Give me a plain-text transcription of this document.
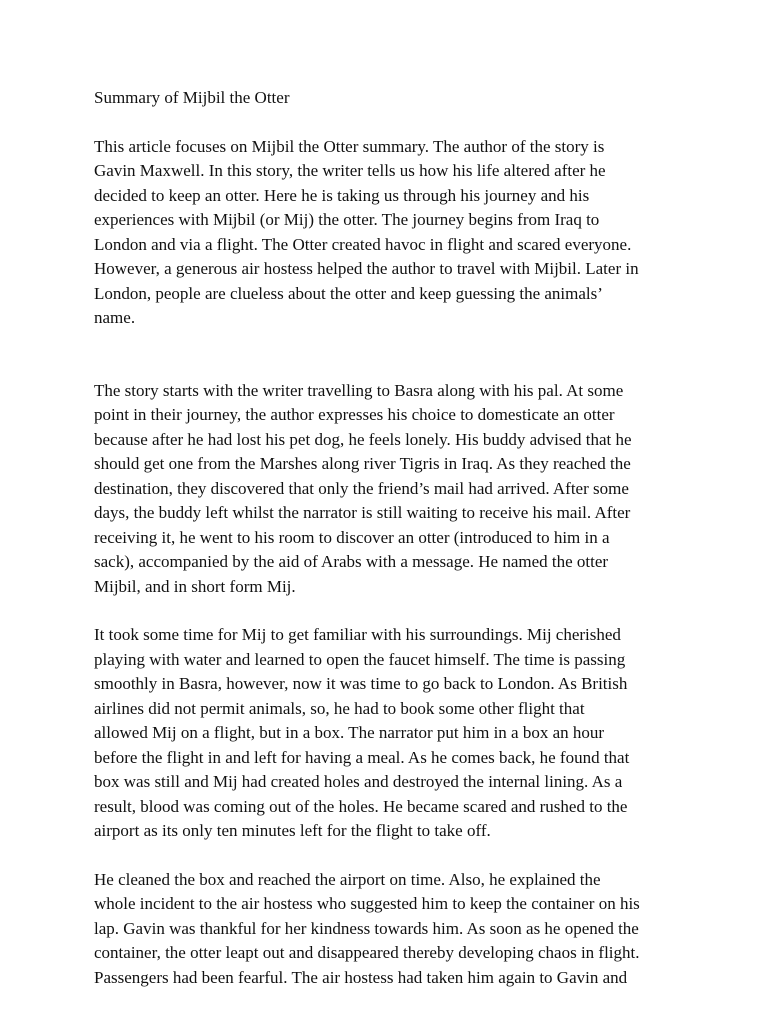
Summary of Mijbil the Otter
This article focuses on Mijbil the Otter summary. The author of the story is
Gavin Maxwell. In this story, the writer tells us how his life altered after he
decided to keep an otter. Here he is taking us through his journey and his
experiences with Mijbil (or Mij) the otter. The journey begins from Iraq to
London and via a flight. The Otter created havoc in flight and scared everyone.
However, a generous air hostess helped the author to travel with Mijbil. Later in
London, people are clueless about the otter and keep guessing the animals’
name.
The story starts with the writer travelling to Basra along with his pal. At some
point in their journey, the author expresses his choice to domesticate an otter
because after he had lost his pet dog, he feels lonely. His buddy advised that he
should get one from the Marshes along river Tigris in Iraq. As they reached the
destination, they discovered that only the friend’s mail had arrived. After some
days, the buddy left whilst the narrator is still waiting to receive his mail. After
receiving it, he went to his room to discover an otter (introduced to him in a
sack), accompanied by the aid of Arabs with a message. He named the otter
Mijbil, and in short form Mij.
It took some time for Mij to get familiar with his surroundings. Mij cherished
playing with water and learned to open the faucet himself. The time is passing
smoothly in Basra, however, now it was time to go back to London. As British
airlines did not permit animals, so, he had to book some other flight that
allowed Mij on a flight, but in a box. The narrator put him in a box an hour
before the flight in and left for having a meal. As he comes back, he found that
box was still and Mij had created holes and destroyed the internal lining. As a
result, blood was coming out of the holes. He became scared and rushed to the
airport as its only ten minutes left for the flight to take off.
He cleaned the box and reached the airport on time. Also, he explained the
whole incident to the air hostess who suggested him to keep the container on his
lap. Gavin was thankful for her kindness towards him. As soon as he opened the
container, the otter leapt out and disappeared thereby developing chaos in flight.
Passengers had been fearful. The air hostess had taken him again to Gavin and
